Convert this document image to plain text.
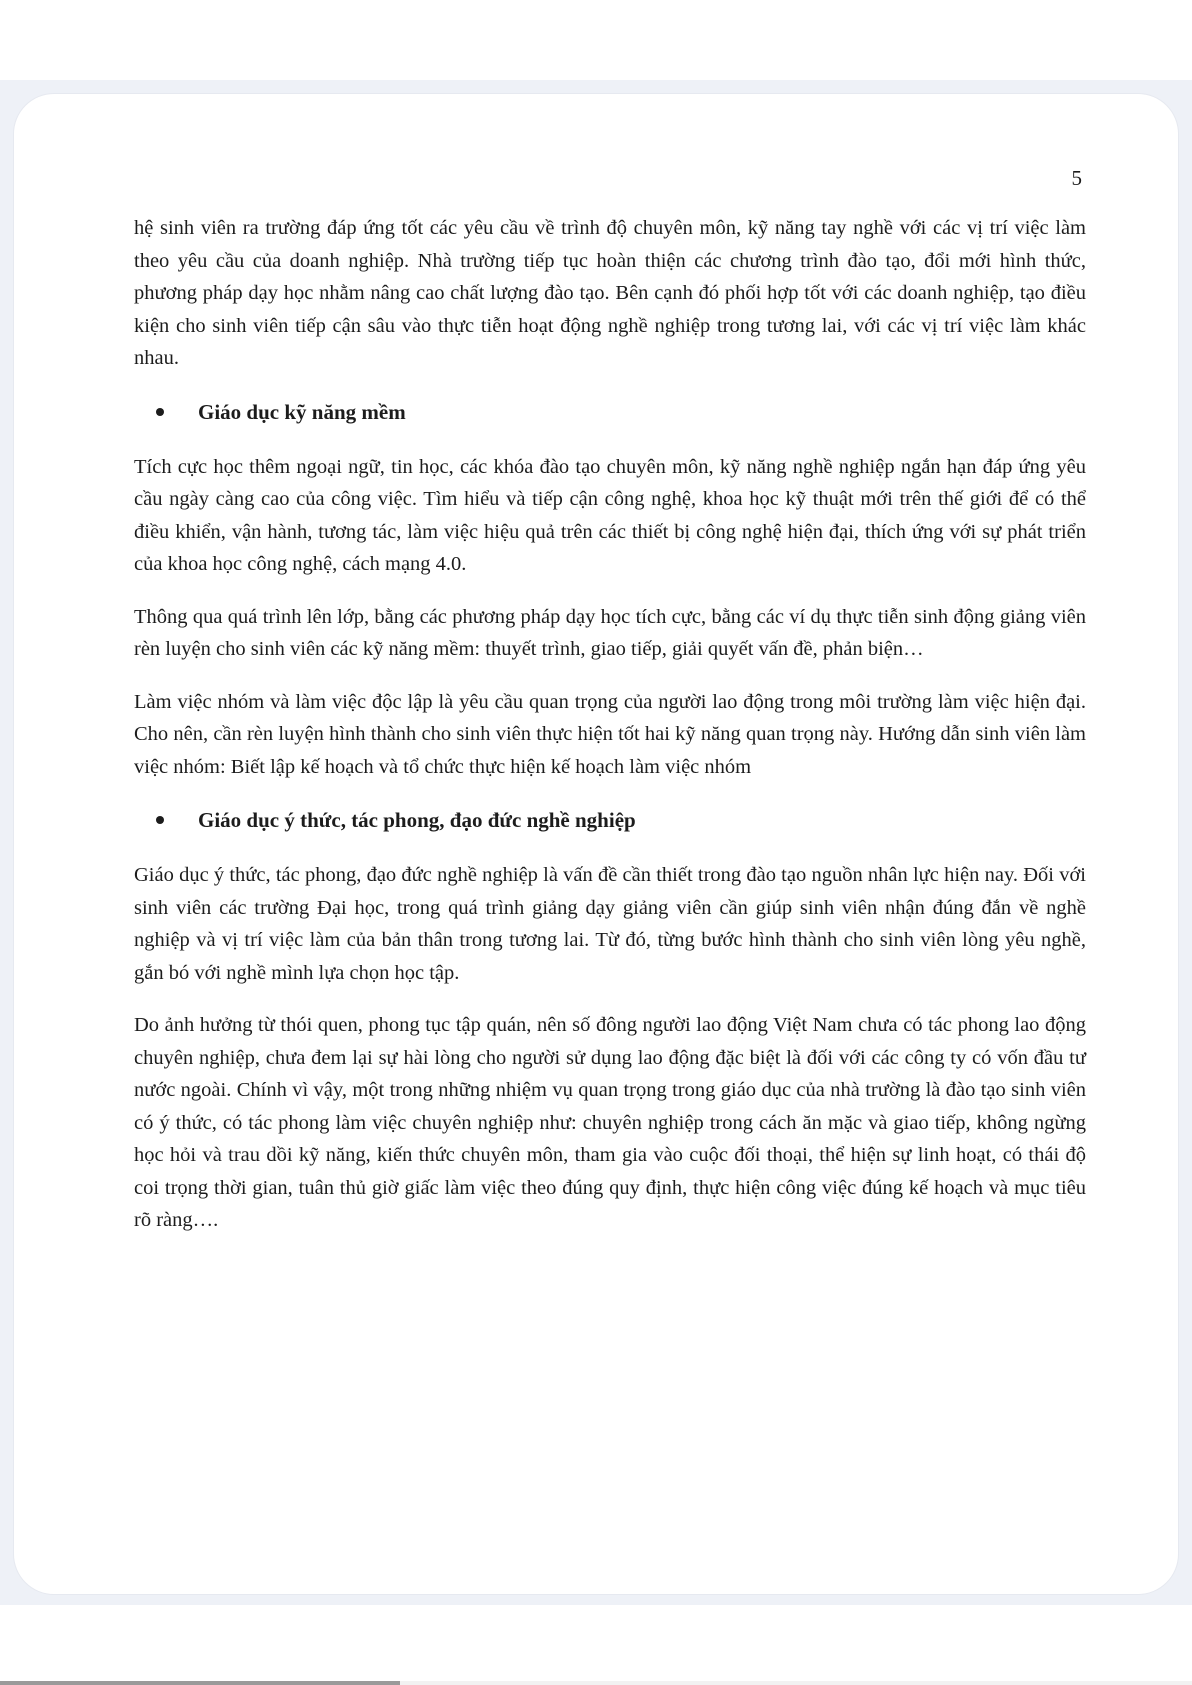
5

hệ sinh viên ra trường đáp ứng tốt các yêu cầu về trình độ chuyên môn, kỹ năng tay nghề với các vị trí việc làm theo yêu cầu của doanh nghiệp. Nhà trường tiếp tục hoàn thiện các chương trình đào tạo, đổi mới hình thức, phương pháp dạy học nhằm nâng cao chất lượng đào tạo. Bên cạnh đó phối hợp tốt với các doanh nghiệp, tạo điều kiện cho sinh viên tiếp cận sâu vào thực tiễn hoạt động nghề nghiệp trong tương lai, với các vị trí việc làm khác nhau.

Giáo dục kỹ năng mềm

Tích cực học thêm ngoại ngữ, tin học, các khóa đào tạo chuyên môn, kỹ năng nghề nghiệp ngắn hạn đáp ứng yêu cầu ngày càng cao của công việc. Tìm hiểu và tiếp cận công nghệ, khoa học kỹ thuật mới trên thế giới để có thể điều khiển, vận hành, tương tác, làm việc hiệu quả trên các thiết bị công nghệ hiện đại, thích ứng với sự phát triển của khoa học công nghệ, cách mạng 4.0.

Thông qua quá trình lên lớp, bằng các phương pháp dạy học tích cực, bằng các ví dụ thực tiễn sinh động giảng viên rèn luyện cho sinh viên các kỹ năng mềm: thuyết trình, giao tiếp, giải quyết vấn đề, phản biện…

Làm việc nhóm và làm việc độc lập là yêu cầu quan trọng của người lao động trong môi trường làm việc hiện đại. Cho nên, cần rèn luyện hình thành cho sinh viên thực hiện tốt hai kỹ năng quan trọng này. Hướng dẫn sinh viên làm việc nhóm: Biết lập kế hoạch và tổ chức thực hiện kế hoạch làm việc nhóm

Giáo dục ý thức, tác phong, đạo đức nghề nghiệp

Giáo dục ý thức, tác phong, đạo đức nghề nghiệp là vấn đề cần thiết trong đào tạo nguồn nhân lực hiện nay. Đối với sinh viên các trường Đại học, trong quá trình giảng dạy giảng viên cần giúp sinh viên nhận đúng đắn về nghề nghiệp và vị trí việc làm của bản thân trong tương lai. Từ đó, từng bước hình thành cho sinh viên lòng yêu nghề, gắn bó với nghề mình lựa chọn học tập.

Do ảnh hưởng từ thói quen, phong tục tập quán, nên số đông người lao động Việt Nam chưa có tác phong lao động chuyên nghiệp, chưa đem lại sự hài lòng cho người sử dụng lao động đặc biệt là đối với các công ty có vốn đầu tư nước ngoài. Chính vì vậy, một trong những nhiệm vụ quan trọng trong giáo dục của nhà trường là đào tạo sinh viên có ý thức, có tác phong làm việc chuyên nghiệp như: chuyên nghiệp trong cách ăn mặc và giao tiếp, không ngừng học hỏi và trau dồi kỹ năng, kiến thức chuyên môn, tham gia vào cuộc đối thoại, thể hiện sự linh hoạt, có thái độ coi trọng thời gian, tuân thủ giờ giấc làm việc theo đúng quy định, thực hiện công việc đúng kế hoạch và mục tiêu rõ ràng….
